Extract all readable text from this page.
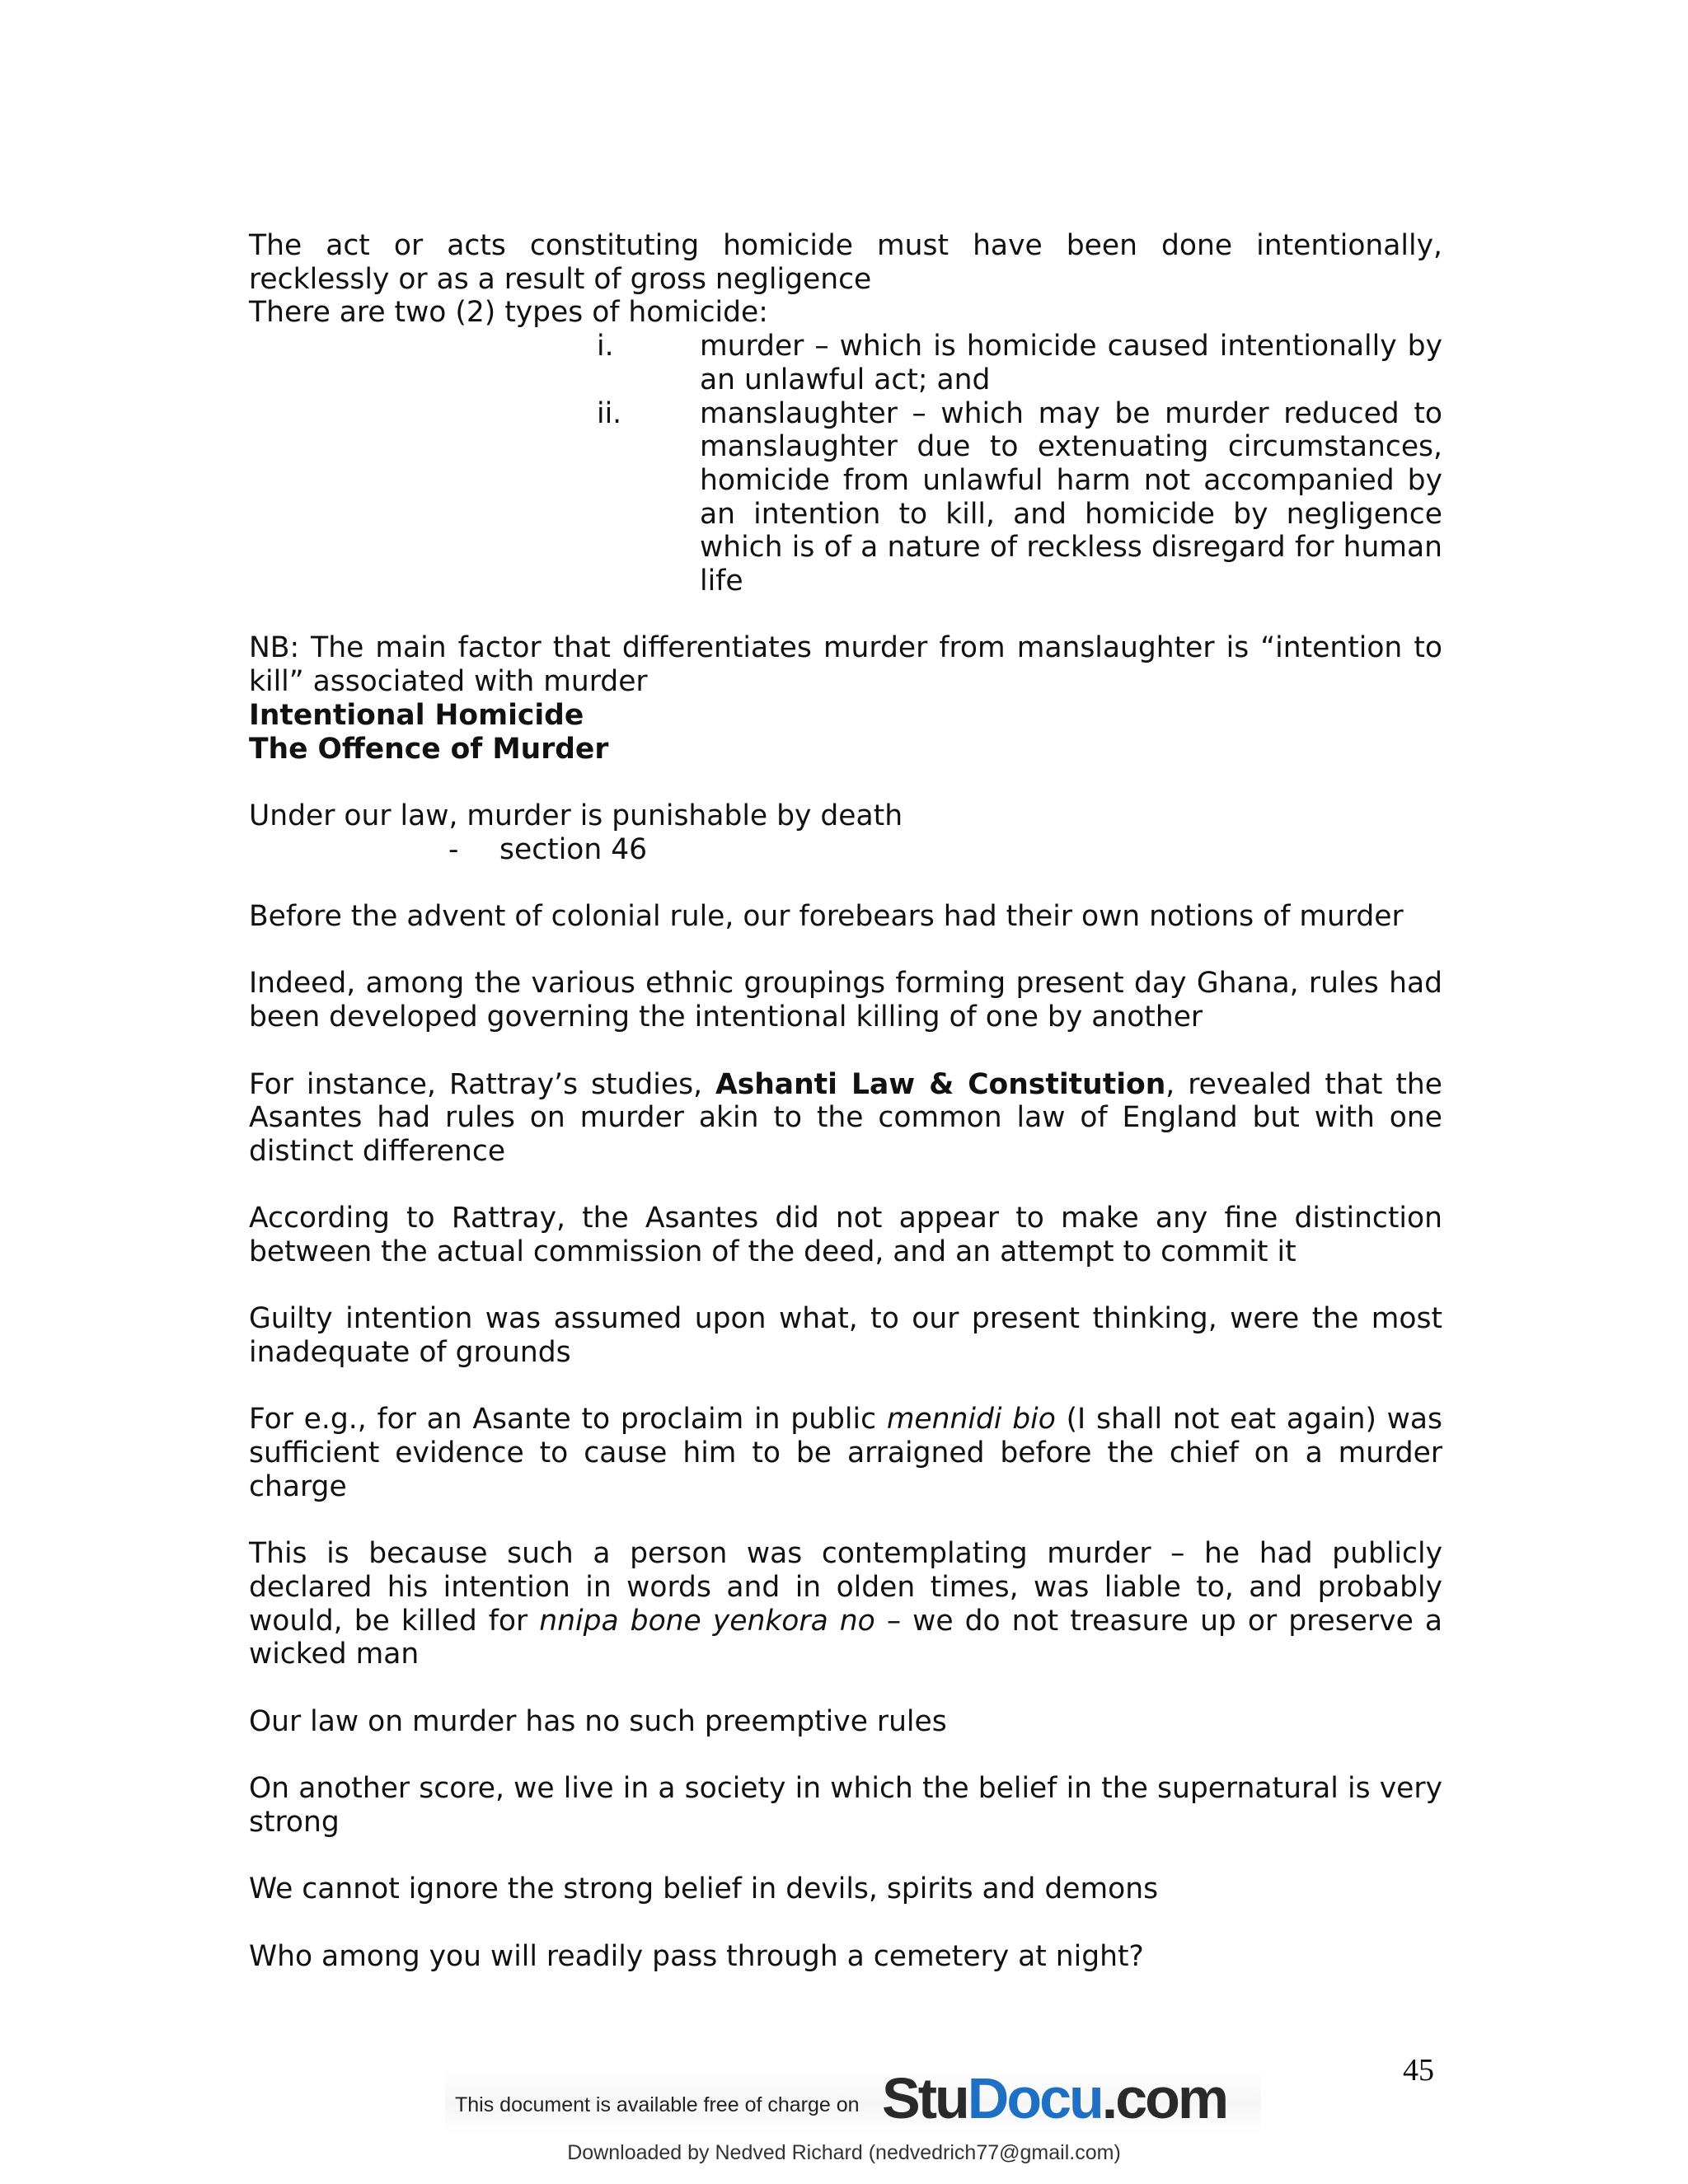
The act or acts constituting homicide must have been done intentionally, recklessly or as a result of gross negligence

There are two (2) types of homicide:

i.	murder – which is homicide caused intentionally by an unlawful act; and
ii.	manslaughter – which may be murder reduced to manslaughter due to extenuating circumstances, homicide from unlawful harm not accompanied by an intention to kill, and homicide by negligence which is of a nature of reckless disregard for human life

NB: The main factor that differentiates murder from manslaughter is “intention to kill” associated with murder

Intentional Homicide

The Offence of Murder

Under our law, murder is punishable by death

-	section 46

Before the advent of colonial rule, our forebears had their own notions of murder

Indeed, among the various ethnic groupings forming present day Ghana, rules had been developed governing the intentional killing of one by another

For instance, Rattray’s studies, Ashanti Law & Constitution, revealed that the Asantes had rules on murder akin to the common law of England but with one distinct difference

According to Rattray, the Asantes did not appear to make any fine distinction between the actual commission of the deed, and an attempt to commit it

Guilty intention was assumed upon what, to our present thinking, were the most inadequate of grounds

For e.g., for an Asante to proclaim in public mennidi bio (I shall not eat again) was sufficient evidence to cause him to be arraigned before the chief on a murder charge

This is because such a person was contemplating murder – he had publicly declared his intention in words and in olden times, was liable to, and probably would, be killed for nnipa bone yenkora no – we do not treasure up or preserve a wicked man

Our law on murder has no such preemptive rules

On another score, we live in a society in which the belief in the supernatural is very strong

We cannot ignore the strong belief in devils, spirits and demons

Who among you will readily pass through a cemetery at night?

45
This document is available free of charge on StuDocu.com
Downloaded by Nedved Richard (nedvedrich77@gmail.com)
